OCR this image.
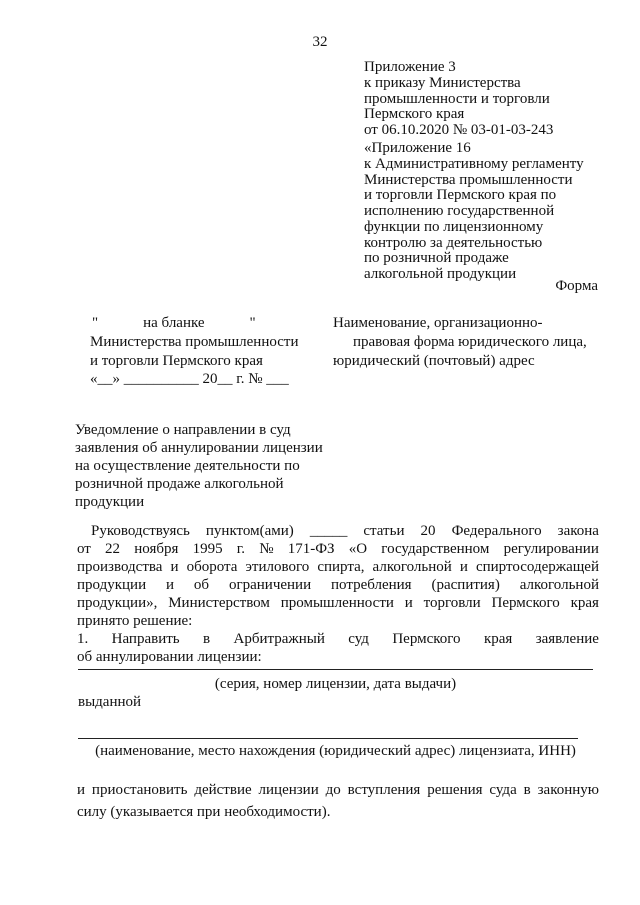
32
Приложение 3
к приказу Министерства
промышленности и торговли
Пермского края
от 06.10.2020 № 03-01-03-243
«Приложение 16
к Административному регламенту
Министерства промышленности
и торговли Пермского края по
исполнению государственной
функции по лицензионному
контролю за деятельностью
по розничной продаже
алкогольной продукции
Форма
"            на бланке            "
Министерства промышленности
и торговли Пермского края
«__» __________ 20__ г. № ___
Наименование, организационно-
правовая форма юридического лица,
юридический (почтовый) адрес
Уведомление о направлении в суд
заявления об аннулировании лицензии
на осуществление деятельности по
розничной продаже алкогольной
продукции
Руководствуясь пунктом(ами) _____ статьи 20 Федерального закона
от 22 ноября 1995 г. № 171-ФЗ «О государственном регулировании
производства и оборота этилового спирта, алкогольной и спиртосодержащей
продукции и об ограничении потребления (распития) алкогольной
продукции», Министерством промышленности и торговли Пермского края
принято решение:
1. Направить в Арбитражный суд Пермского края заявление
об аннулировании лицензии:
(серия, номер лицензии, дата выдачи)
выданной
(наименование, место нахождения (юридический адрес) лицензиата, ИНН)
и приостановить действие лицензии до вступления решения суда в законную
силу (указывается при необходимости).
